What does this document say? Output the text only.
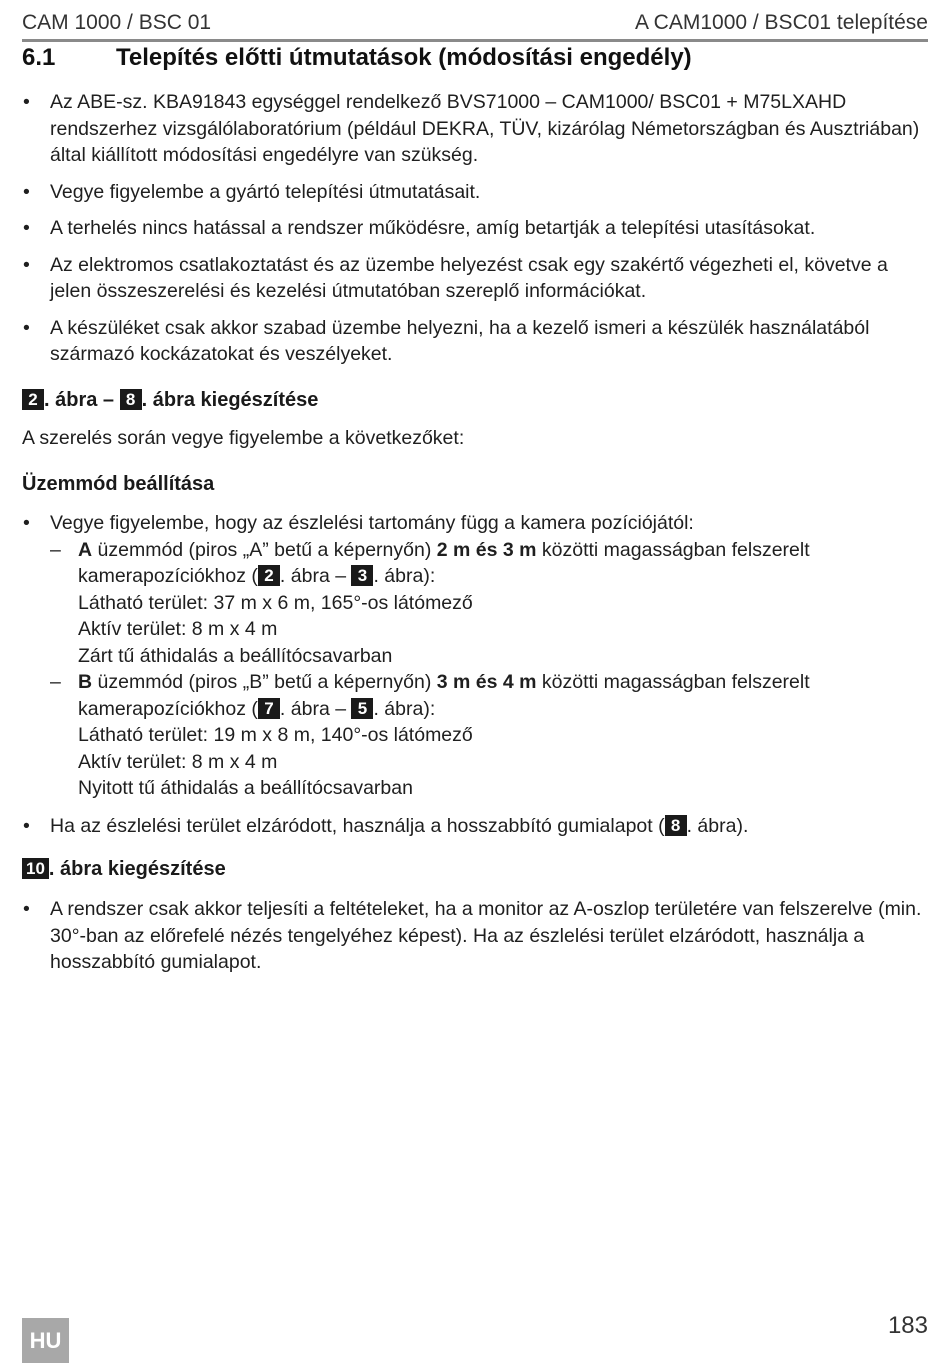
CAM 1000 / BSC 01	A CAM1000 / BSC01 telepítése
6.1	Telepítés előtti útmutatások (módosítási engedély)
• Az ABE-sz. KBA91843 egységgel rendelkező BVS71000 – CAM1000/ BSC01 + M75LXAHD rendszerhez vizsgálólaboratórium (például DEKRA, TÜV, kizárólag Németországban és Ausztriában) által kiállított módosítási engedélyre van szükség.
• Vegye figyelembe a gyártó telepítési útmutatásait.
• A terhelés nincs hatással a rendszer működésre, amíg betartják a telepítési utasításokat.
• Az elektromos csatlakoztatást és az üzembe helyezést csak egy szakértő végezheti el, követve a jelen összeszerelési és kezelési útmutatóban szereplő információkat.
• A készüléket csak akkor szabad üzembe helyezni, ha a kezelő ismeri a készülék használatából származó kockázatokat és veszélyeket.
2 . ábra – 8 . ábra kiegészítése
A szerelés során vegye figyelembe a következőket:
Üzemmód beállítása
• Vegye figyelembe, hogy az észlelési tartomány függ a kamera pozíciójától:
– A üzemmód (piros „A” betű a képernyőn) 2 m és 3 m közötti magasságban felszerelt kamerapozíciókhoz ( 2 . ábra – 3 . ábra):
Látható terület: 37 m x 6 m, 165°-os látómező
Aktív terület: 8 m x 4 m
Zárt tű áthidalás a beállítócsavarban
– B üzemmód (piros „B” betű a képernyőn) 3 m és 4 m közötti magasságban felszerelt kamerapozíciókhoz ( 7 . ábra – 5 . ábra):
Látható terület: 19 m x 8 m, 140°-os látómező
Aktív terület: 8 m x 4 m
Nyitott tű áthidalás a beállítócsavarban
• Ha az észlelési terület elzáródott, használja a hosszabbító gumialapot ( 8 . ábra).
10 . ábra kiegészítése
• A rendszer csak akkor teljesíti a feltételeket, ha a monitor az A-oszlop területére van felszerelve (min. 30°-ban az előrefelé nézés tengelyéhez képest). Ha az észlelési terület elzáródott, használja a hosszabbító gumialapot.
HU
183
